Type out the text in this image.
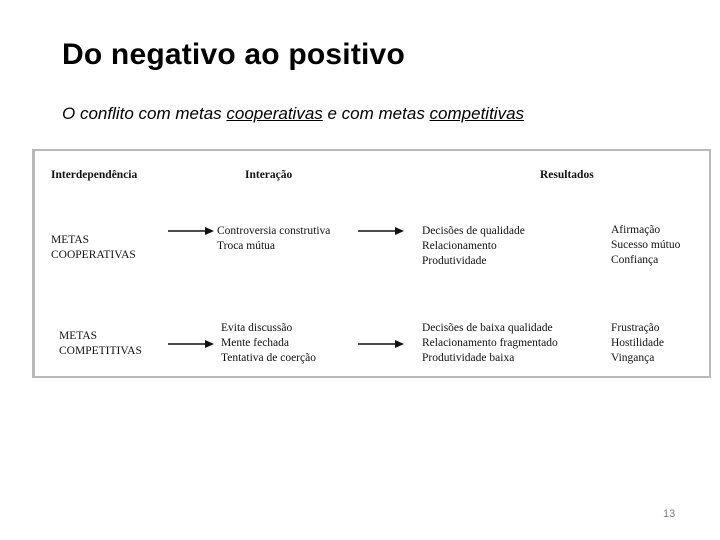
Do negativo ao positivo
O conflito com metas cooperativas e com metas competitivas
Interdependência	Interação	Resultados
METAS
COOPERATIVAS
Controversia construtiva
Troca mútua
Decisões de qualidade
Relacionamento
Produtividade
Afirmação
Sucesso mútuo
Confiança
METAS
COMPETITIVAS
Evita discussão
Mente fechada
Tentativa de coerção
Decisões de baixa qualidade
Relacionamento fragmentado
Produtividade baixa
Frustração
Hostilidade
Vingança
13
